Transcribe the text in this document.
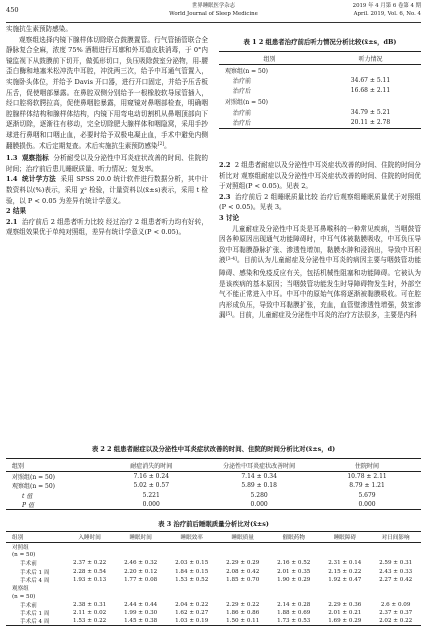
450	世界睡眠医学杂志
World Journal of Sleep Medicine
2019 年 4 月第 6 卷第 4 期
April. 2019, Vol. 6, No. 4

实施抗生素预防感染。

观察组选择内镜下腺样体切除联合鼓膜置管。行气管插管联合全静脉复合全麻，浓度 75% 酒精进行耳廓和外耳道皮肤消毒，于 0°内镜监视下从鼓膜前下切开，做弧形切口，负压吸除鼓室分泌物，用-腰歪白酶和地塞米松冲洗中耳腔，冲洗两三次，给予中耳通气管置入，实施卧头体位，并给予 Davis 开口器，进行开口固定，并给予压舌板压舌，促使咽部暴露。在鼻腔双侧分别给予一根橡胶软导尿管插入，经口腔将软腭拉高，促使鼻咽腔暴露，用窥镜对鼻咽部检查，明确咽腔腺样体结构和腺样体结构，内镜下用弯电动切割机从鼻咽顶部向下逐渐切除，逐渐往有移动，完全切除肥大腺样体和咽隐窝，采用手抄球进行鼻咽和口咽止血，必要时给予双极电凝止血，手术中避免内侧翻膜损伤。术后定期复查。术后实施抗生素预防感染[2]。

1.3 观察指标 分析耐受以及分泌性中耳炎症状改善的时间、住院的时间；治疗前后患儿睡眠质量、听力情况；复发率。

1.4 统计学方法 采用 SPSS 20.0 统计软件进行数据分析，其中计数资料以(%)表示，采用 χ² 检验，计量资料以(x̄±s)表示，采用 t 检验，以 P < 0.05 为差异有统计学意义。

2 结果

2.1 治疗前后 2 组患者听力比较 经过治疗 2 组患者听力均有好转，观察组效果优于单纯对照组，差异有统计学意义(P < 0.05)。

表 1 2 组患者治疗前后听力情况分析比较(x̄±s，dB)
组别	听力情况
观察组(n = 50)	
治疗前	34.67 ± 5.11
治疗后	16.68 ± 2.11
对照组(n = 50)	
治疗前	34.79 ± 5.21
治疗后	20.11 ± 2.78

2.2 2 组患者耐症以及分泌性中耳炎症状改善的时间、住院的时间分析比对 观察组耐症以及分泌性中耳炎症状改善的时间、住院的时间优于对照组(P < 0.05)。见表 2。

2.3 治疗前后 2 组睡眠质量比较 治疗后观察组睡眠质量优于对照组(P < 0.05)。见表 3。

3 讨论

儿童耐症及分泌性中耳炎是耳鼻喉科的一种常见疾病，当咽鼓管因各种原因出现通气功能障碍时，中耳气体被黏膜吸收，中耳负压导致中耳黏膜静脉扩张、渗透性增加，黏膜水肿和浸润出，导致中耳积液[3-4]。目前认为儿童耐症及分泌性中耳炎的病因主要与咽鼓管功能障碍、感染和免疫反应有关，包括机械性阻塞和功能障碍。它被认为是该疾病的基本原因；当咽鼓管功能发生时导障碍物发生时，外部空气不能正常进入中耳。中耳中的原始气体将逐渐被黏膜吸收。可在腔内形成负压，导致中耳黏膜扩张，充血，血管壁渗透性增强，鼓室渗漏[5]。目前，儿童耐症及分泌性中耳炎的治疗方法很多，主要是内科

表 2 2 组患者耐症以及分泌性中耳炎症状改善的时间、住院的时间分析比对(x̄±s，d)
组别	耐症消失的时间	分泌性中耳炎症状改善时间	住院时间
对照组(n = 50)	7.16 ± 0.24	7.14 ± 0.34	10.78 ± 2.11
观察组(n = 50)	5.02 ± 0.57	5.89 ± 0.18	8.79 ± 1.21
t 值	5.221	5.280	5.679
P 值	0.000	0.000	0.000
表 3 治疗前后睡眠质量分析比对(x̄±s)
组别	入睡时间	睡眠时间	睡眠效率	睡眠质量	催眠药物	睡眠障碍	对日间影响
对照组							
(n = 50)							
手术前	2.37 ± 0.22	2.46 ± 0.32	2.03 ± 0.15	2.29 ± 0.29	2.16 ± 0.52	2.31 ± 0.14	2.59 ± 0.31
手术后 1 周	2.28 ± 0.54	2.20 ± 0.12	1.84 ± 0.15	2.08 ± 0.42	2.01 ± 0.35	2.15 ± 0.22	2.43 ± 0.33
手术后 4 周	1.93 ± 0.13	1.77 ± 0.08	1.53 ± 0.52	1.85 ± 0.70	1.90 ± 0.29	1.92 ± 0.47	2.27 ± 0.42
观察组							
(n = 50)							
手术前	2.38 ± 0.31	2.44 ± 0.44	2.04 ± 0.22	2.29 ± 0.22	2.14 ± 0.28	2.29 ± 0.36	2.6 ± 0.09
手术后 1 周	2.11 ± 0.02	1.99 ± 0.30	1.62 ± 0.27	1.86 ± 0.86	1.88 ± 0.69	2.01 ± 0.21	2.37 ± 0.37
手术后 4 周	1.53 ± 0.22	1.45 ± 0.38	1.03 ± 0.19	1.50 ± 0.11	1.73 ± 0.53	1.69 ± 0.29	2.02 ± 0.22
